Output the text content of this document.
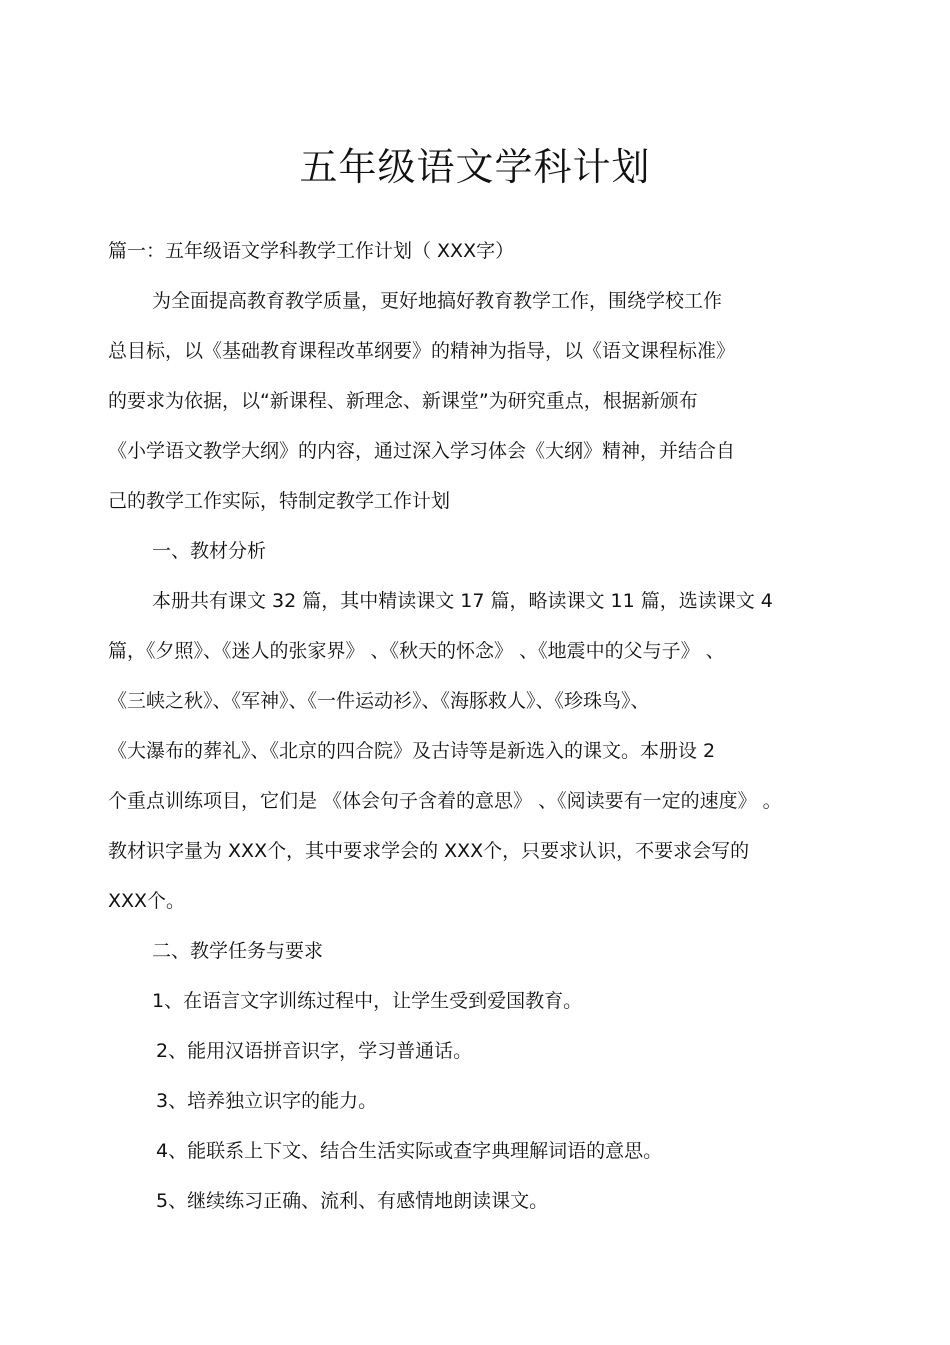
五年级语文学科计划
篇一：五年级语文学科教学工作计划（ XXX字）
为全面提高教育教学质量，更好地搞好教育教学工作，围绕学校工作
总目标，以《基础教育课程改革纲要》的精神为指导，以《语文课程标准》
的要求为依据，以“新课程、新理念、新课堂”为研究重点，根据新颁布
《小学语文教学大纲》的内容，通过深入学习体会《大纲》精神，并结合自
己的教学工作实际，特制定教学工作计划
一、教材分析
本册共有课文 32 篇，其中精读课文 17 篇，略读课文 11 篇，选读课文 4
篇，《夕照》、《迷人的张家界》 、《秋天的怀念》 、《地震中的父与子》 、
《三峡之秋》、《军神》、《一件运动衫》、《海豚救人》、《珍珠鸟》、
《大瀑布的葬礼》、《北京的四合院》及古诗等是新选入的课文。本册设 2
个重点训练项目，它们是 《体会句子含着的意思》 、《阅读要有一定的速度》 。
教材识字量为 XXX个，其中要求学会的 XXX个，只要求认识，不要求会写的
XXX个。
二、教学任务与要求
1、在语言文字训练过程中，让学生受到爱国教育。
2、能用汉语拼音识字，学习普通话。
3、培养独立识字的能力。
4、能联系上下文、结合生活实际或查字典理解词语的意思。
5、继续练习正确、流利、有感情地朗读课文。
